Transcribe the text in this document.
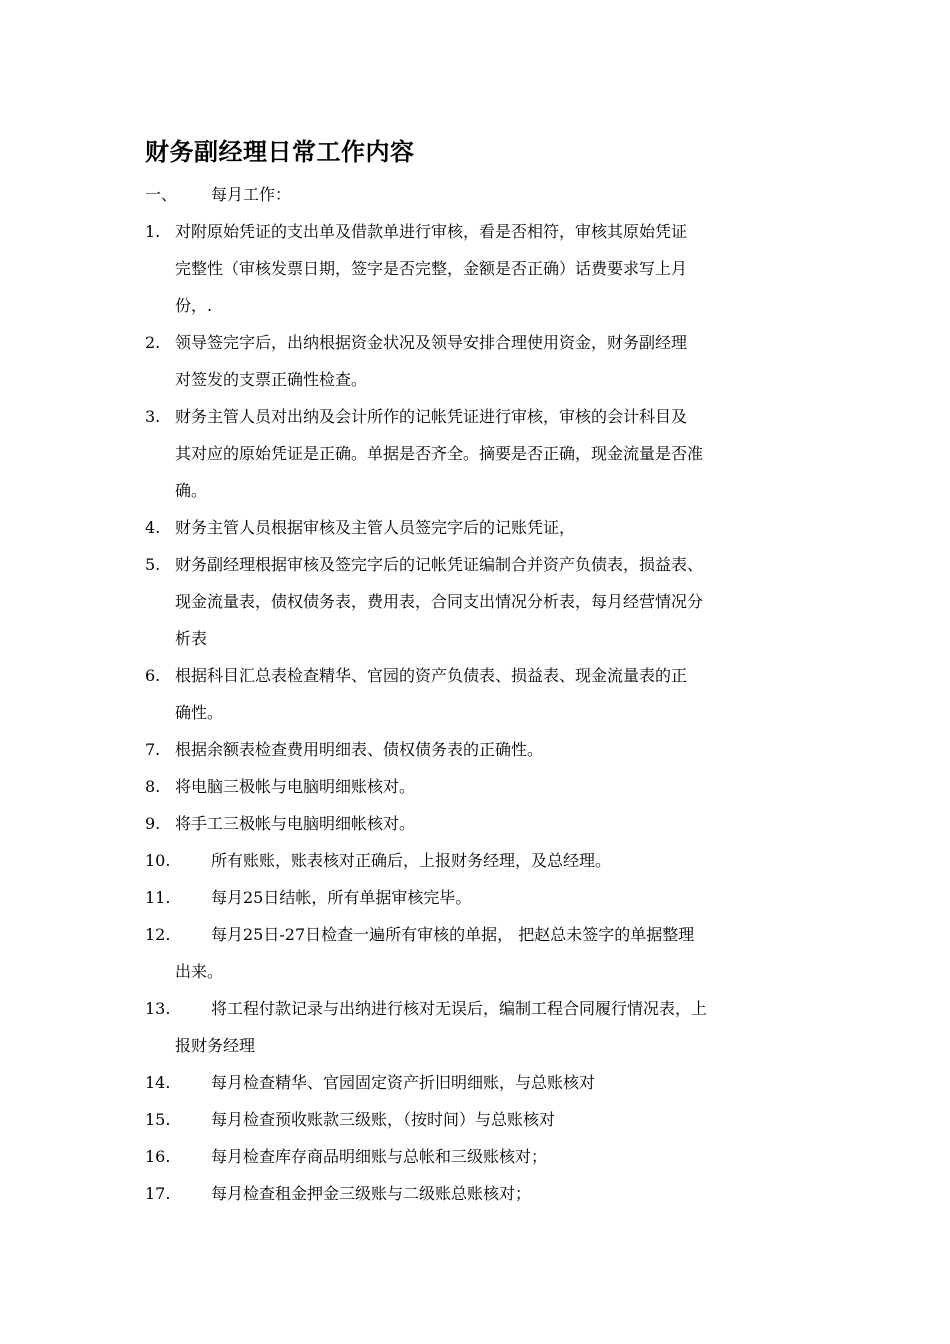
财务副经理日常工作内容
一、 每月工作：
1. 对附原始凭证的支出单及借款单进行审核，看是否相符，审核其原始凭证
完整性（审核发票日期，签字是否完整，金额是否正确）话费要求写上月
份，.
2. 领导签完字后，出纳根据资金状况及领导安排合理使用资金，财务副经理
对签发的支票正确性检查。
3. 财务主管人员对出纳及会计所作的记帐凭证进行审核，审核的会计科目及
其对应的原始凭证是正确。单据是否齐全。摘要是否正确，现金流量是否准
确。
4. 财务主管人员根据审核及主管人员签完字后的记账凭证，
5. 财务副经理根据审核及签完字后的记帐凭证编制合并资产负债表，损益表、
现金流量表，债权债务表，费用表，合同支出情况分析表，每月经营情况分
析表
6. 根据科目汇总表检查精华、官园的资产负债表、损益表、现金流量表的正
确性。
7. 根据余额表检查费用明细表、债权债务表的正确性。
8. 将电脑三极帐与电脑明细账核对。
9. 将手工三极帐与电脑明细帐核对。
10.	所有账账，账表核对正确后，上报财务经理，及总经理。
11.	每月25日结帐，所有单据审核完毕。
12.	每月25日-27日检查一遍所有审核的单据， 把赵总未签字的单据整理
出来。
13.	将工程付款记录与出纳进行核对无误后，编制工程合同履行情况表，上
报财务经理
14.	每月检查精华、官园固定资产折旧明细账，与总账核对
15.	每月检查预收账款三级账，（按时间）与总账核对
16.	每月检查库存商品明细账与总帐和三级账核对；
17.	每月检查租金押金三级账与二级账总账核对；
